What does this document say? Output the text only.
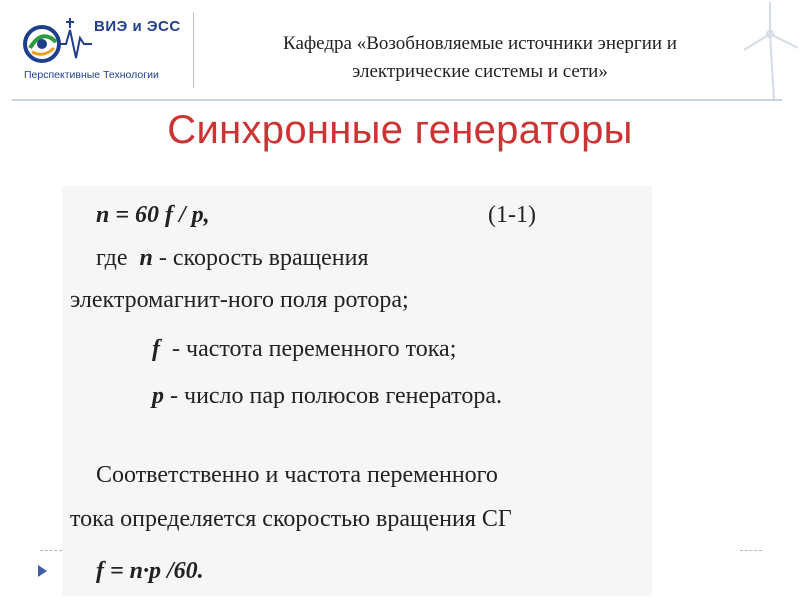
ВИЭ и ЭСС
Перспективные Технологии
Кафедра «Возобновляемые источники энергии и
электрические системы и сети»
Синхронные генераторы
n = 60 f / p,	(1-1)
где n - скорость вращения
электромагнит-ного поля ротора;
f - частота переменного тока;
p - число пар полюсов генератора.
Соответственно и частота переменного
тока определяется скоростью вращения СГ
f = n·p /60.
